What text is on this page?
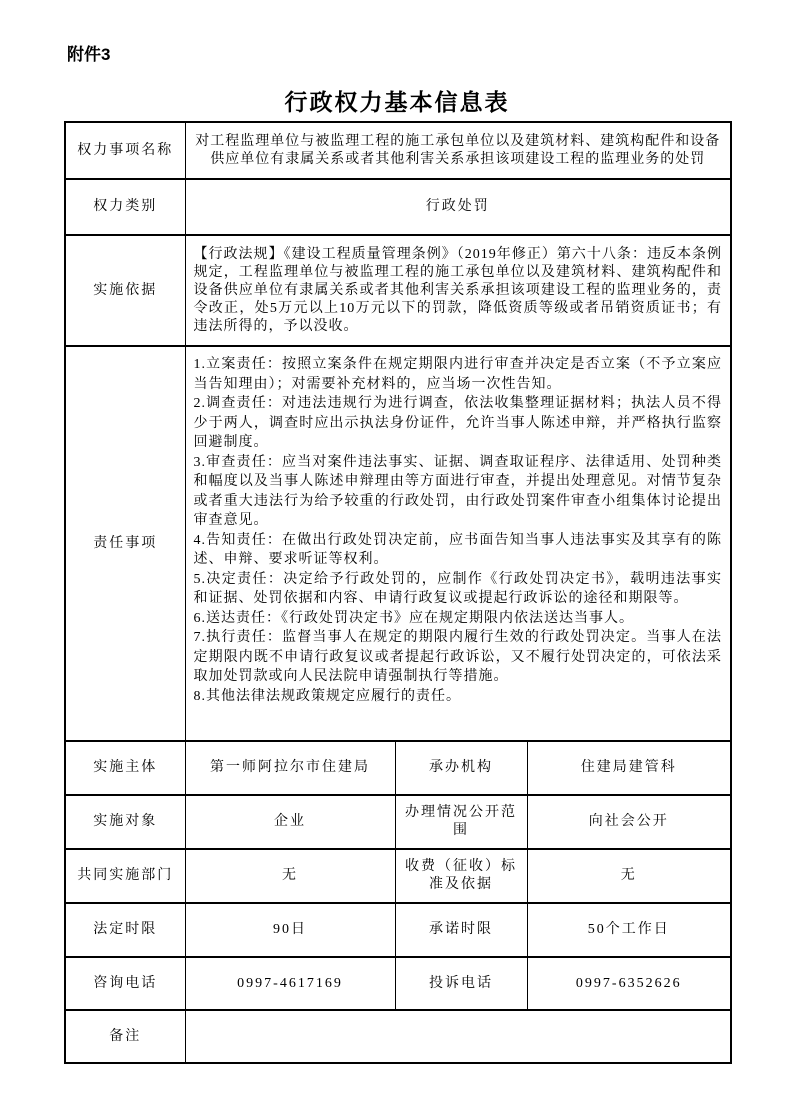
附件3
行政权力基本信息表
权力事项名称	对工程监理单位与被监理工程的施工承包单位以及建筑材料、建筑构配件和设备供应单位有隶属关系或者其他利害关系承担该项建设工程的监理业务的处罚		
权力类别	行政处罚		
实施依据	【行政法规】《建设工程质量管理条例》（2019年修正）第六十八条：违反本条例规定，工程监理单位与被监理工程的施工承包单位以及建筑材料、建筑构配件和设备供应单位有隶属关系或者其他利害关系承担该项建设工程的监理业务的，责令改正，处5万元以上10万元以下的罚款，降低资质等级或者吊销资质证书；有违法所得的，予以没收。		
责任事项	
1.立案责任：按照立案条件在规定期限内进行审查并决定是否立案（不予立案应当告知理由）；对需要补充材料的，应当场一次性告知。
2.调查责任：对违法违规行为进行调查，依法收集整理证据材料；执法人员不得少于两人，调查时应出示执法身份证件，允许当事人陈述申辩，并严格执行监察回避制度。
3.审查责任：应当对案件违法事实、证据、调查取证程序、法律适用、处罚种类和幅度以及当事人陈述申辩理由等方面进行审查，并提出处理意见。对情节复杂或者重大违法行为给予较重的行政处罚，由行政处罚案件审查小组集体讨论提出审查意见。
4.告知责任：在做出行政处罚决定前，应书面告知当事人违法事实及其享有的陈述、申辩、要求听证等权利。
5.决定责任：决定给予行政处罚的，应制作《行政处罚决定书》，载明违法事实和证据、处罚依据和内容、申请行政复议或提起行政诉讼的途径和期限等。
6.送达责任：《行政处罚决定书》应在规定期限内依法送达当事人。
7.执行责任：监督当事人在规定的期限内履行生效的行政处罚决定。当事人在法定期限内既不申请行政复议或者提起行政诉讼，又不履行处罚决定的，可依法采取加处罚款或向人民法院申请强制执行等措施。
8.其他法律法规政策规定应履行的责任。

实施主体	第一师阿拉尔市住建局	承办机构	住建局建管科
实施对象	企业	办理情况公开范围	向社会公开
共同实施部门	无	收费（征收）标准及依据	无
法定时限	90日	承诺时限	50个工作日
咨询电话	0997-4617169	投诉电话	0997-6352626
备注			
